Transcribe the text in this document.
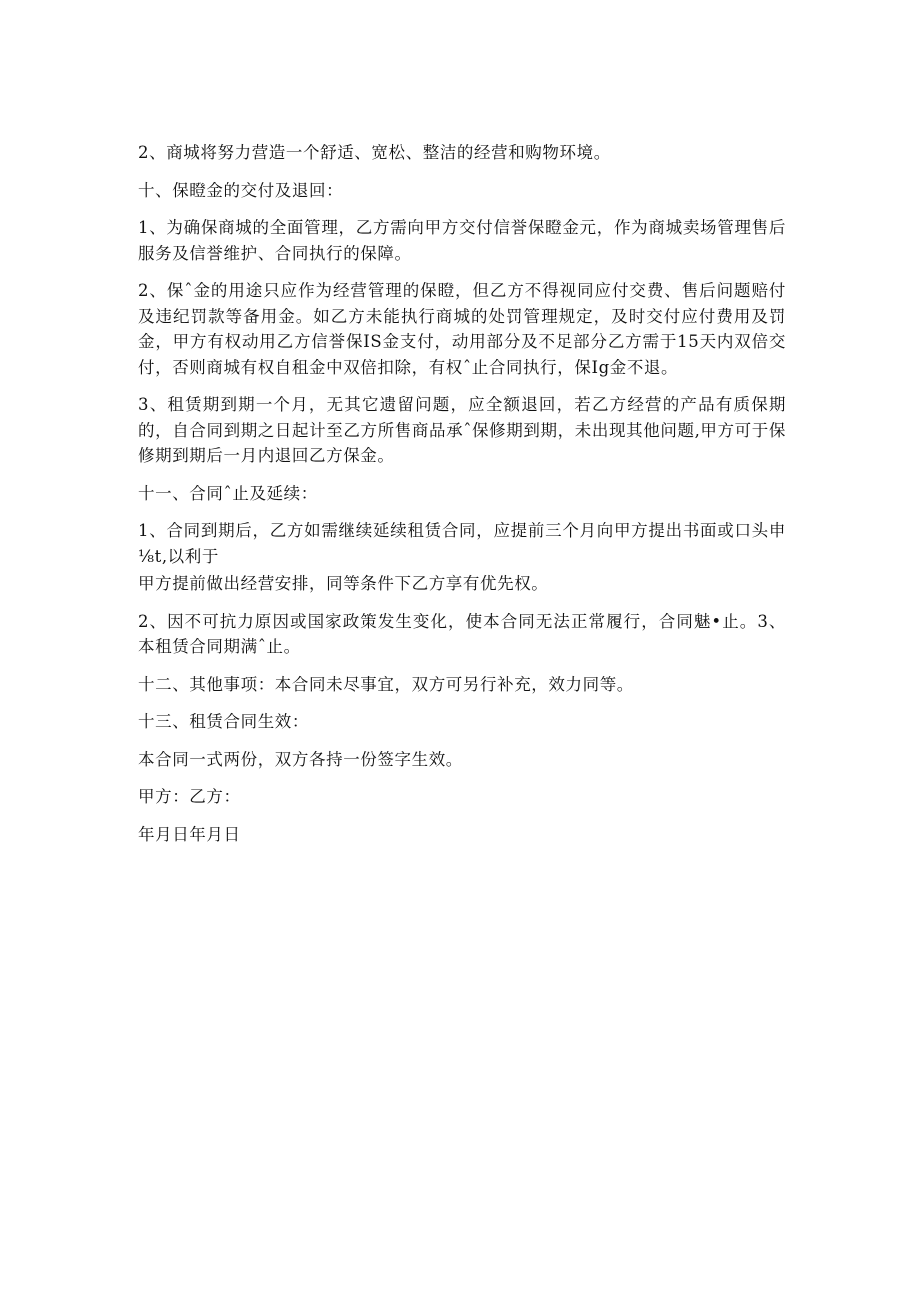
2、商城将努力营造一个舒适、宽松、整洁的经营和购物环境。

十、保瞪金的交付及退回：

1、为确保商城的全面管理，乙方需向甲方交付信誉保瞪金元，作为商城卖场管理售后服务及信誉维护、合同执行的保障。

2、保ˆ金的用途只应作为经营管理的保瞪，但乙方不得视同应付交费、售后问题赔付及违纪罚款等备用金。如乙方未能执行商城的处罚管理规定，及时交付应付费用及罚金，甲方有权动用乙方信誉保IS金支付，动用部分及不足部分乙方需于15天内双倍交付，否则商城有权自租金中双倍扣除，有权ˆ止合同执行，保Ig金不退。

3、租赁期到期一个月，无其它遗留问题，应全额退回，若乙方经营的产品有质保期的，自合同到期之日起计至乙方所售商品承ˆ保修期到期，未出现其他问题,甲方可于保修期到期后一月内退回乙方保金。

十一、合同ˆ止及延续：

1、合同到期后，乙方如需继续延续租赁合同，应提前三个月向甲方提出书面或口头申⅛t,以利于

甲方提前做出经营安排，同等条件下乙方享有优先权。

2、因不可抗力原因或国家政策发生变化，使本合同无法正常履行，合同魅•止。3、本租赁合同期满ˆ止。

十二、其他事项：本合同未尽事宜，双方可另行补充，效力同等。

十三、租赁合同生效：

本合同一式两份，双方各持一份签字生效。

甲方：乙方：

年月日年月日
